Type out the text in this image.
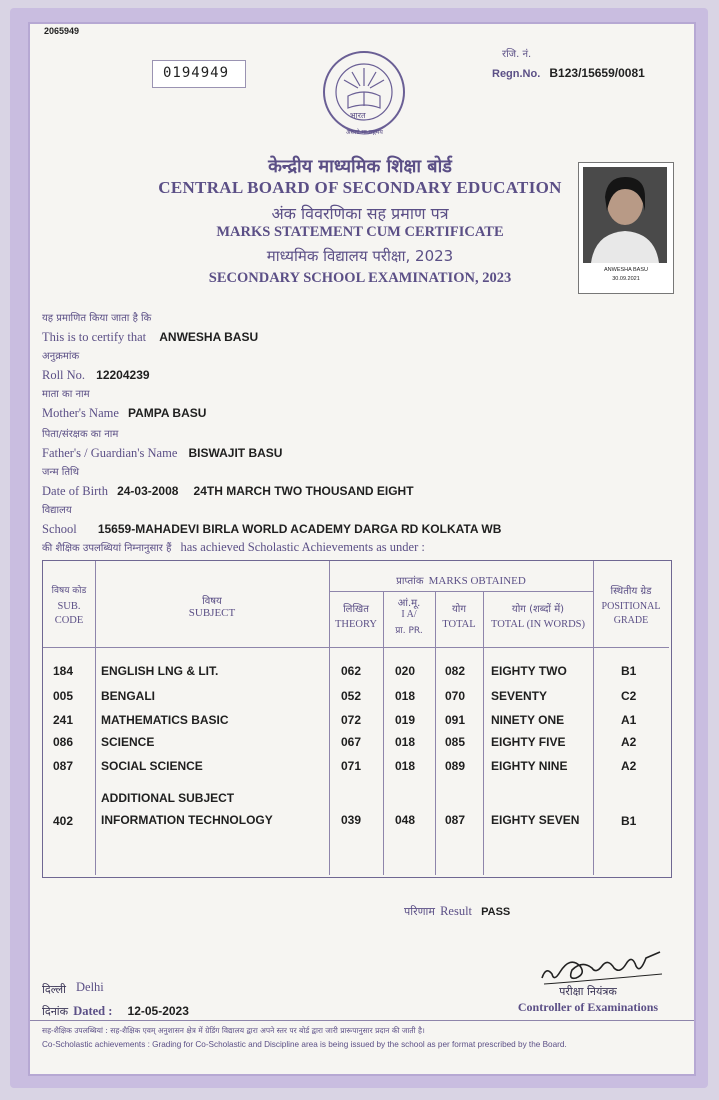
2065949
0194949
भारत
असतो मा सद्गमय
रजि. नं.
Regn.No. B123/15659/0081
केन्द्रीय माध्यमिक शिक्षा बोर्ड
CENTRAL BOARD OF SECONDARY EDUCATION
अंक विवरणिका सह प्रमाण पत्र
MARKS STATEMENT CUM CERTIFICATE
माध्यमिक विद्यालय परीक्षा, 2023
SECONDARY SCHOOL EXAMINATION, 2023	ANWESHA BASU
30.09.2021
यह प्रमाणित किया जाता है कि
This is to certify that ANWESHA BASU
अनुक्रमांक
Roll No. 12204239
माता का नाम
Mother's Name PAMPA BASU
पिता/संरक्षक का नाम
Father's / Guardian's Name BISWAJIT BASU
जन्म तिथि
Date of Birth 24-03-2008 24TH MARCH TWO THOUSAND EIGHT
विद्यालय
School 15659-MAHADEVI BIRLA WORLD ACADEMY DARGA RD KOLKATA WB
की शैक्षिक उपलब्धियां निम्नानुसार हैं has achieved Scholastic Achievements as under :
विषय कोड
SUB.
CODE
विषय
SUBJECT
प्राप्तांक MARKS OBTAINED
लिखित
THEORY
आं.मू.
I A/
प्रा. PR.
योग
TOTAL
योग (शब्दों में)
TOTAL (IN WORDS)
स्थितीय ग्रेड
POSITIONAL
GRADE
184 ENGLISH LNG & LIT.	062	020 082 EIGHTY TWO	B1
005 BENGALI	052	018 070 SEVENTY	C2
241 MATHEMATICS BASIC	072	019 091 NINETY ONE	A1
086 SCIENCE	067	018 085 EIGHTY FIVE	A2
087 SOCIAL SCIENCE	071	018 089 EIGHTY NINE	A2
ADDITIONAL SUBJECT
402 INFORMATION TECHNOLOGY	039	048 087 EIGHTY SEVEN	B1
परिणाम Result PASS
दिल्ली Delhi
दिनांक Dated : 12-05-2023
परीक्षा नियंत्रक
Controller of Examinations
सह-शैक्षिक उपलब्धियां : सह-शैक्षिक एवम् अनुशासन क्षेत्र में ग्रेडिंग विद्यालय द्वारा अपने स्तर पर बोर्ड द्वारा जारी प्रारूपानुसार प्रदान की जाती है।
Co-Scholastic achievements : Grading for Co-Scholastic and Discipline area is being issued by the school as per format prescribed by the Board.
